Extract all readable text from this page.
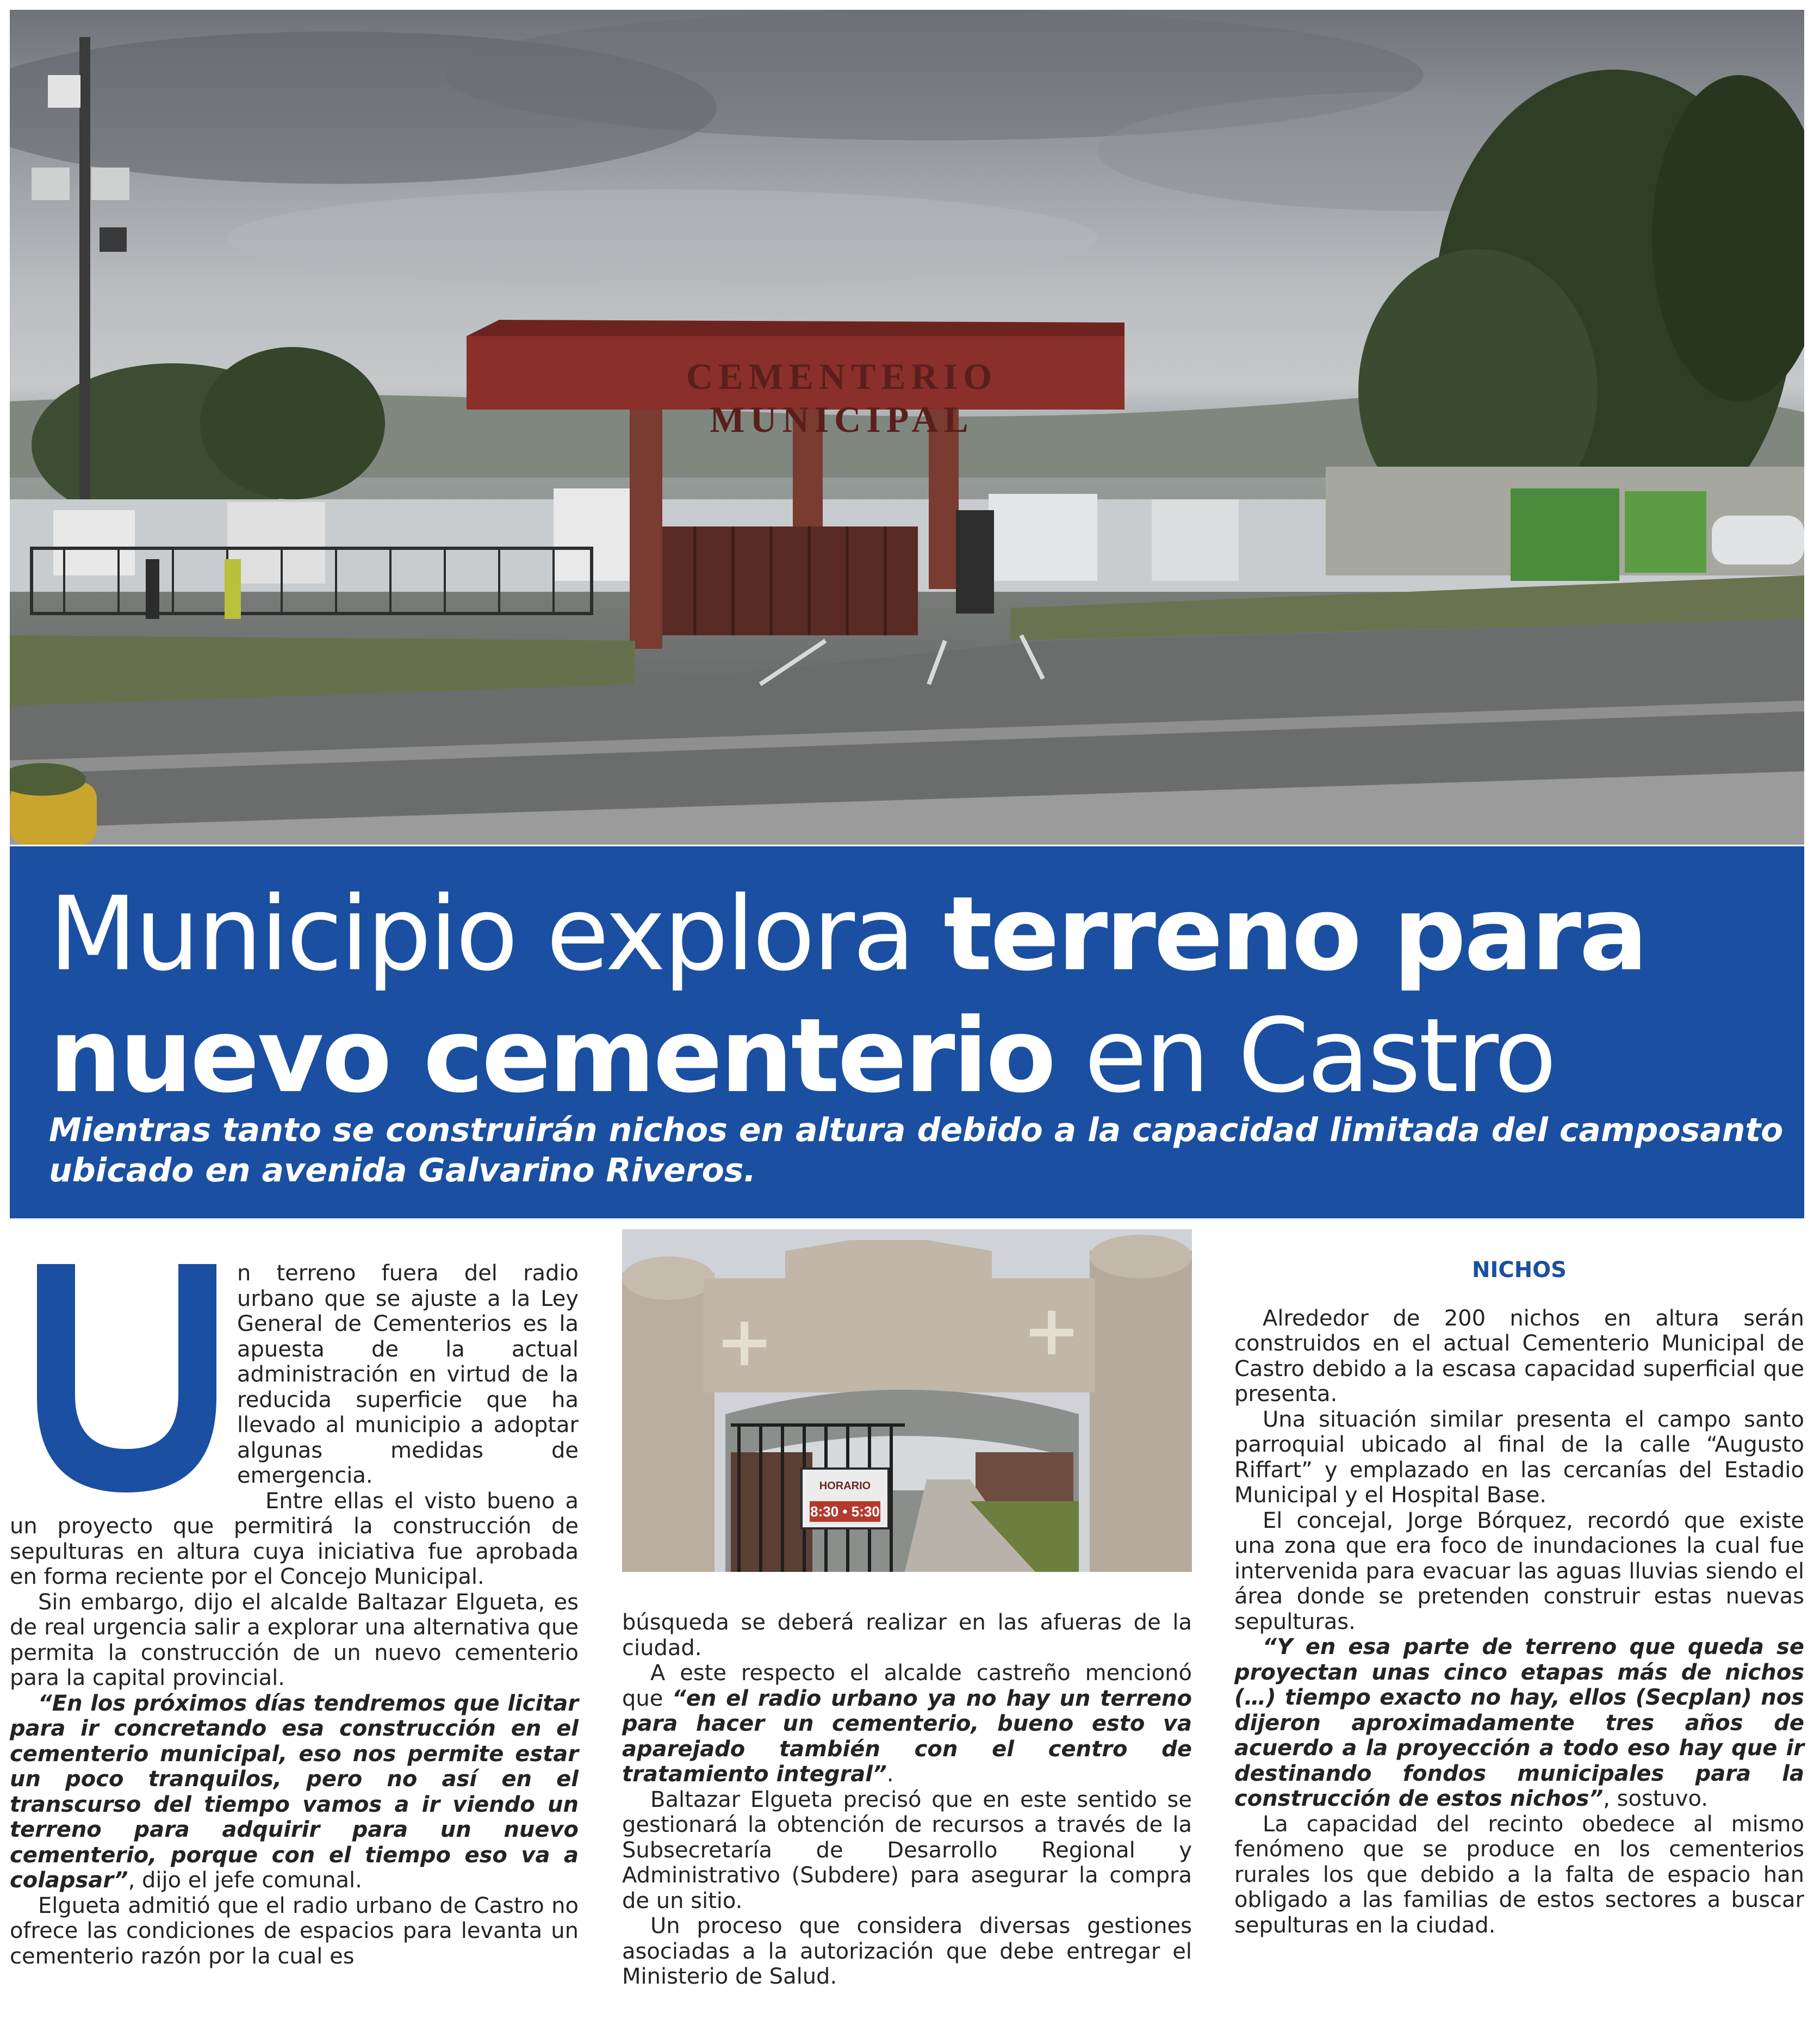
CEMENTERIO MUNICIPAL
Municipio explora terreno para nuevo cementerio en Castro

Mientras tanto se construirán nichos en altura debido a la capacidad limitada del camposanto ubicado en avenida Galvarino Riveros.

n terreno fuera del radio urbano que se ajuste a la Ley General de Cementerios es la apuesta de la actual administración en virtud de la reducida superficie que ha llevado al municipio a adoptar algunas medidas de emergencia.

Entre ellas el visto bueno a un proyecto que permitirá la construcción de sepulturas en altura cuya iniciativa fue aprobada en forma reciente por el Concejo Municipal.

Sin embargo, dijo el alcalde Baltazar Elgueta, es de real urgencia salir a explorar una alternativa que permita la construcción de un nuevo cementerio para la capital provincial.

“En los próximos días tendremos que licitar para ir concretando esa construcción en el cementerio municipal, eso nos permite estar un poco tranquilos, pero no así en el transcurso del tiempo vamos a ir viendo un terreno para adquirir para un nuevo cementerio, porque con el tiempo eso va a colapsar”, dijo el jefe comunal.

Elgueta admitió que el radio urbano de Castro no ofrece las condiciones de espacios para levanta un cementerio razón por la cual es

HORARIO
8:30 • 5:30

búsqueda se deberá realizar en las afueras de la ciudad.

A este respecto el alcalde castreño mencionó que “en el radio urbano ya no hay un terreno para hacer un cementerio, bueno esto va aparejado también con el centro de tratamiento integral”.

Baltazar Elgueta precisó que en este sentido se gestionará la obtención de recursos a través de la Subsecretaría de Desarrollo Regional y Administrativo (Subdere) para asegurar la compra de un sitio.

Un proceso que considera diversas gestiones asociadas a la autorización que debe entregar el Ministerio de Salud.

NICHOS

Alrededor de 200 nichos en altura serán construidos en el actual Cementerio Municipal de Castro debido a la escasa capacidad superficial que presenta.

Una situación similar presenta el campo santo parroquial ubicado al final de la calle “Augusto Riffart” y emplazado en las cercanías del Estadio Municipal y el Hospital Base.

El concejal, Jorge Bórquez, recordó que existe una zona que era foco de inundaciones la cual fue intervenida para evacuar las aguas lluvias siendo el área donde se pretenden construir estas nuevas sepulturas.

“Y en esa parte de terreno que queda se proyectan unas cinco etapas más de nichos (…) tiempo exacto no hay, ellos (Secplan) nos dijeron aproximadamente tres años de acuerdo a la proyección a todo eso hay que ir destinando fondos municipales para la construcción de estos nichos”, sostuvo.

La capacidad del recinto obedece al mismo fenómeno que se produce en los cementerios rurales los que debido a la falta de espacio han obligado a las familias de estos sectores a buscar sepulturas en la ciudad.
